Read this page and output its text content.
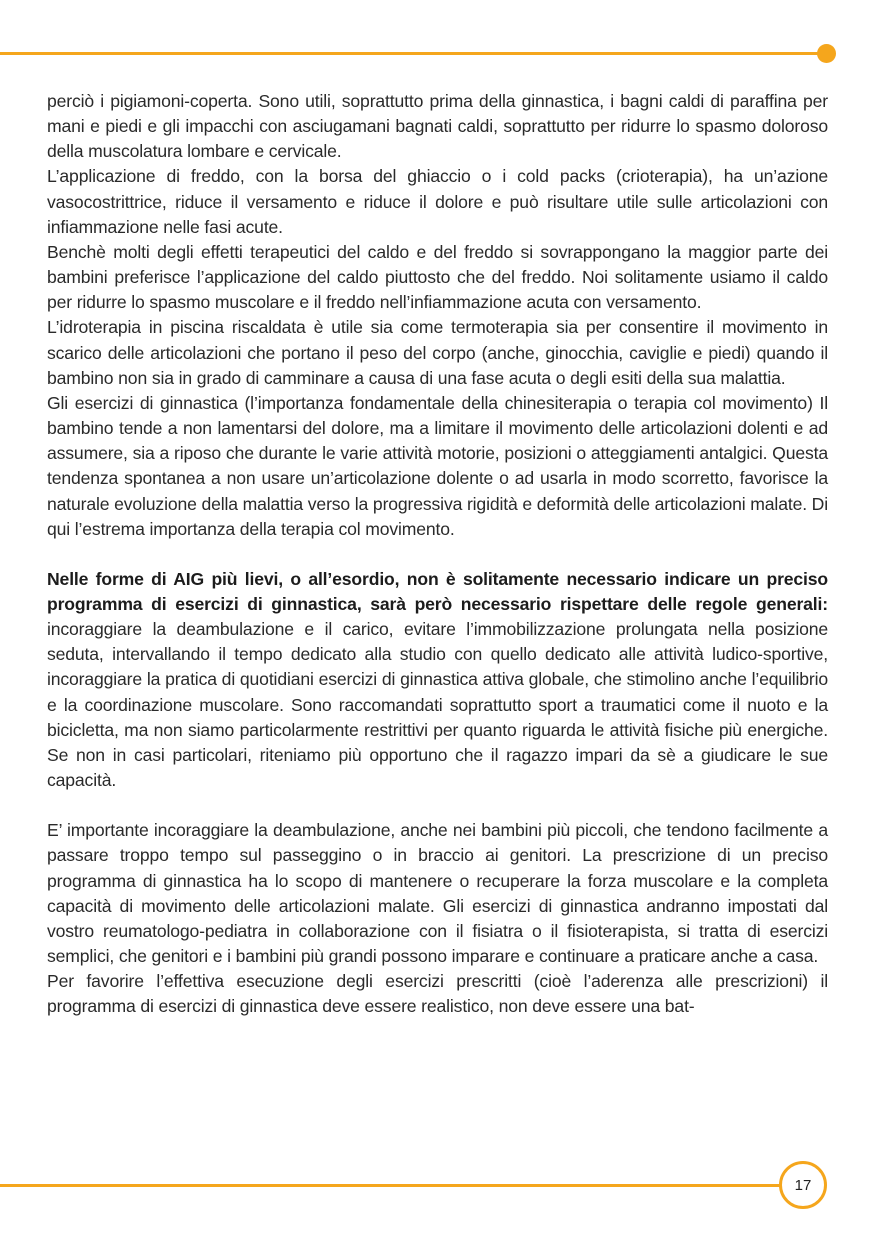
perciò i pigiamoni-coperta. Sono utili, soprattutto prima della ginnastica, i bagni caldi di paraffina per mani e piedi e gli impacchi con asciugamani bagnati caldi, soprattutto per ridurre lo spasmo doloroso della muscolatura lombare e cervicale.

L’applicazione di freddo, con la borsa del ghiaccio o i cold packs (crioterapia), ha un’azione vasocostrittrice, riduce il versamento e riduce il dolore e può risultare utile sulle articolazioni con infiammazione nelle fasi acute.

Benchè molti degli effetti terapeutici del caldo e del freddo si sovrappongano la maggior parte dei bambini preferisce l’applicazione del caldo piuttosto che del freddo. Noi solitamente usiamo il caldo per ridurre lo spasmo muscolare e il freddo nell’infiammazione acuta con versamento.

L’idroterapia in piscina riscaldata è utile sia come termoterapia sia per consentire il movimento in scarico delle articolazioni che portano il peso del corpo (anche, ginocchia, caviglie e piedi) quando il bambino non sia in grado di camminare a causa di una fase acuta o degli esiti della sua malattia.

Gli esercizi di ginnastica (l’importanza fondamentale della chinesiterapia o terapia col movimento) Il bambino tende a non lamentarsi del dolore, ma a limitare il movimento delle articolazioni dolenti e ad assumere, sia a riposo che durante le varie attività motorie, posizioni o atteggiamenti antalgici. Questa tendenza spontanea a non usare un’articolazione dolente o ad usarla in modo scorretto, favorisce la naturale evoluzione della malattia verso la progressiva rigidità e deformità delle articolazioni malate. Di qui l’estrema importanza della terapia col movimento.

Nelle forme di AIG più lievi, o all’esordio, non è solitamente necessario indicare un preciso programma di esercizi di ginnastica, sarà però necessario rispettare delle regole generali: incoraggiare la deambulazione e il carico, evitare l’immobilizzazione prolungata nella posizione seduta, intervallando il tempo dedicato alla studio con quello dedicato alle attività ludico-sportive, incoraggiare la pratica di quotidiani esercizi di ginnastica attiva globale, che stimolino anche l’equilibrio e la coordinazione muscolare. Sono raccomandati soprattutto sport a traumatici come il nuoto e la bicicletta, ma non siamo particolarmente restrittivi per quanto riguarda le attività fisiche più energiche. Se non in casi particolari, riteniamo più opportuno che il ragazzo impari da sè a giudicare le sue capacità.

E’ importante incoraggiare la deambulazione, anche nei bambini più piccoli, che tendono facilmente a passare troppo tempo sul passeggino o in braccio ai genitori. La prescrizione di un preciso programma di ginnastica ha lo scopo di mantenere o recuperare la forza muscolare e la completa capacità di movimento delle articolazioni malate. Gli esercizi di ginnastica andranno impostati dal vostro reumatologo-pediatra in collaborazione con il fisiatra o il fisioterapista, si tratta di esercizi semplici, che genitori e i bambini più grandi possono imparare e continuare a praticare anche a casa.

Per favorire l’effettiva esecuzione degli esercizi prescritti (cioè l’aderenza alle prescrizioni) il programma di esercizi di ginnastica deve essere realistico, non deve essere una bat-

17
